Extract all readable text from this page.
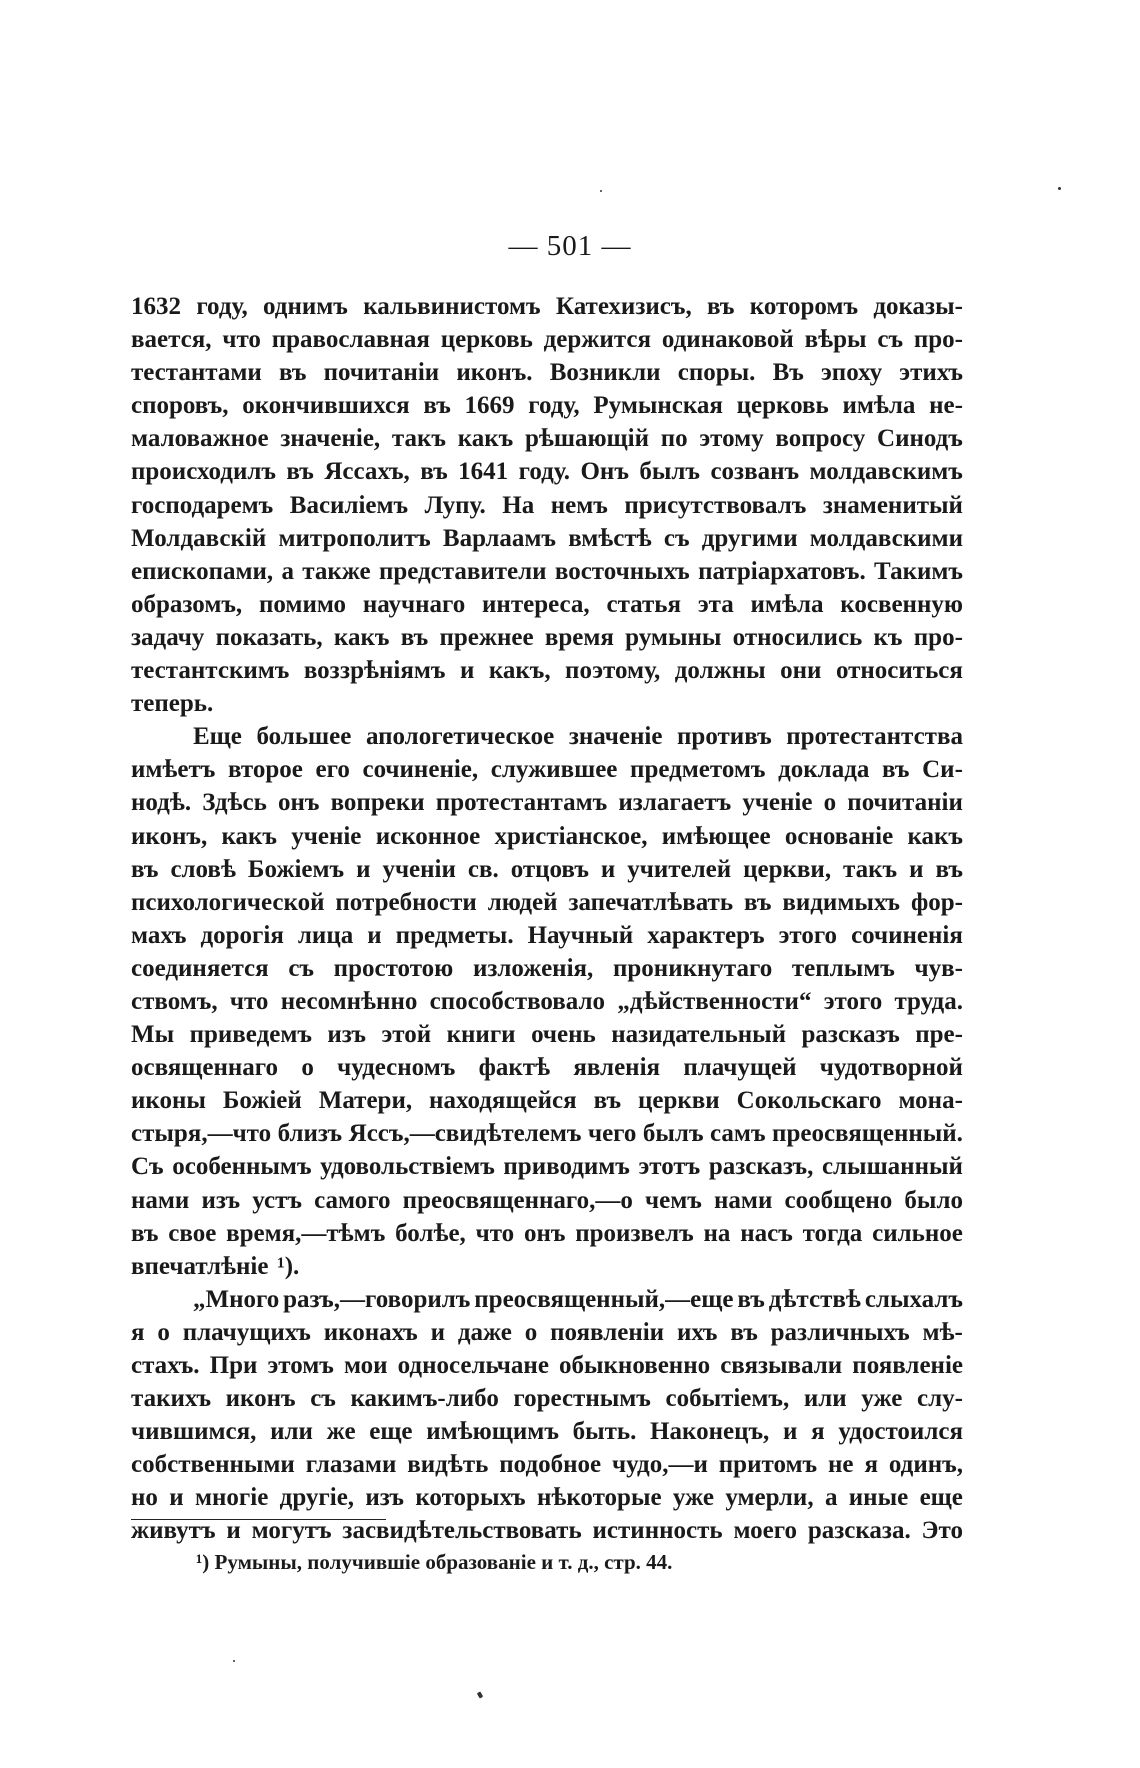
— 501 —
1632 году, однимъ кальвинистомъ Катехизисъ, въ которомъ доказы-
вается, что православная церковь держится одинаковой вѣры съ про-
тестантами въ почитаніи иконъ. Возникли споры. Въ эпоху этихъ
споровъ, окончившихся въ 1669 году, Румынская церковь имѣла не-
маловажное значеніе, такъ какъ рѣшающій по этому вопросу Синодъ
происходилъ въ Яссахъ, въ 1641 году. Онъ былъ созванъ молдавскимъ
господаремъ Василіемъ Лупу. На немъ присутствовалъ знаменитый
Молдавскій митрополитъ Варлаамъ вмѣстѣ съ другими молдавскими
епископами, а также представители восточныхъ патріархатовъ. Такимъ
образомъ, помимо научнаго интереса, статья эта имѣла косвенную
задачу показать, какъ въ прежнее время румыны относились къ про-
тестантскимъ воззрѣніямъ и какъ, поэтому, должны они относиться
теперь.
Еще большее апологетическое значеніе противъ протестантства
имѣетъ второе его сочиненіе, служившее предметомъ доклада въ Си-
нодѣ. Здѣсь онъ вопреки протестантамъ излагаетъ ученіе о почитаніи
иконъ, какъ ученіе исконное христіанское, имѣющее основаніе какъ
въ словѣ Божіемъ и ученіи св. отцовъ и учителей церкви, такъ и въ
психологической потребности людей запечатлѣвать въ видимыхъ фор-
махъ дорогія лица и предметы. Научный характеръ этого сочиненія
соединяется съ простотою изложенія, проникнутаго теплымъ чув-
ствомъ, что несомнѣнно способствовало „дѣйственности“ этого труда.
Мы приведемъ изъ этой книги очень назидательный разсказъ пре-
освященнаго о чудесномъ фактѣ явленія плачущей чудотворной
иконы Божіей Матери, находящейся въ церкви Сокольскаго мона-
стыря,—что близъ Яссъ,—свидѣтелемъ чего былъ самъ преосвященный.
Съ особеннымъ удовольствіемъ приводимъ этотъ разсказъ, слышанный
нами изъ устъ самого преосвященнаго,—о чемъ нами сообщено было
въ свое время,—тѣмъ болѣе, что онъ произвелъ на насъ тогда сильное
впечатлѣніе ¹).
„Много разъ,—говорилъ преосвященный,—еще въ дѣтствѣ слыхалъ
я о плачущихъ иконахъ и даже о появленіи ихъ въ различныхъ мѣ-
стахъ. При этомъ мои односельчане обыкновенно связывали появленіе
такихъ иконъ съ какимъ-либо горестнымъ событіемъ, или уже слу-
чившимся, или же еще имѣющимъ быть. Наконецъ, и я удостоился
собственными глазами видѣть подобное чудо,—и притомъ не я одинъ,
но и многіе другіе, изъ которыхъ нѣкоторые уже умерли, а иные еще
живутъ и могутъ засвидѣтельствовать истинность моего разсказа. Это
¹) Румыны, получившіе образованіе и т. д., стр. 44.
